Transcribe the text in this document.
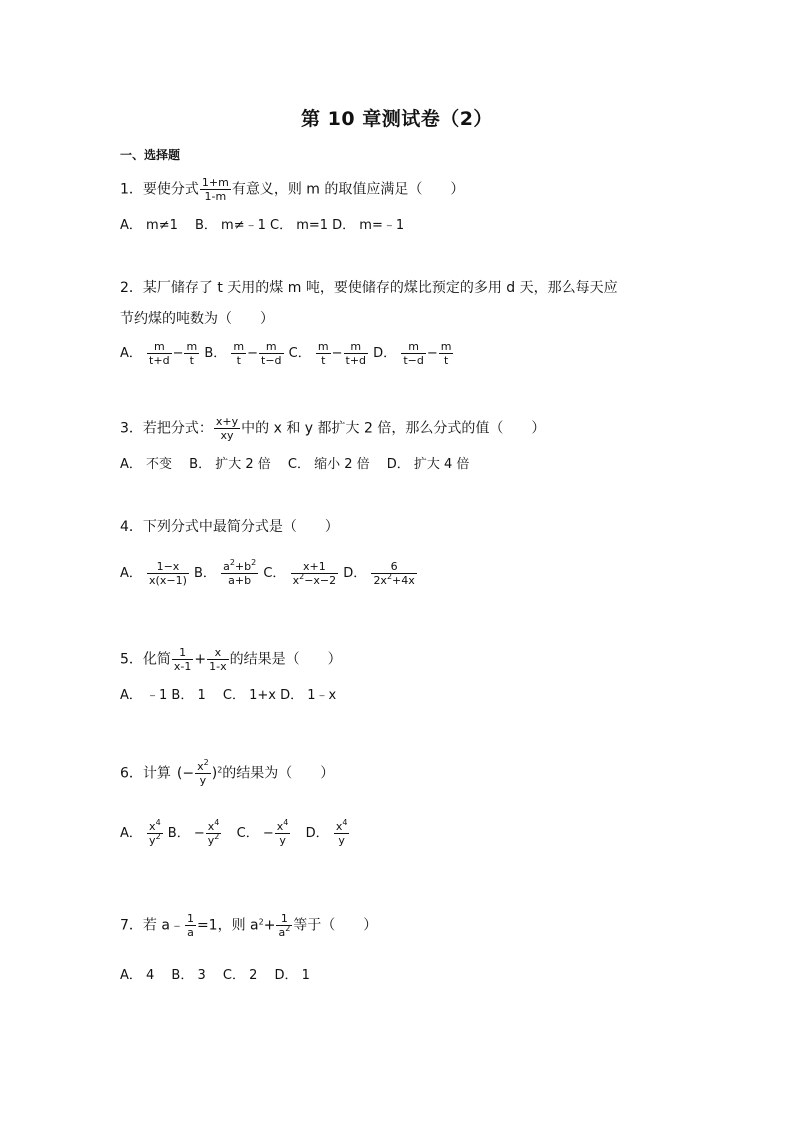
第 10 章测试卷（2）
一、选择题
1．要使分式 $\frac{1+m}{1-m}$ 有意义，则 m 的取值应满足（　　）
A． m≠1　 B． m≠﹣1 C． m=1 D． m=﹣1
2．某厂储存了 t 天用的煤 m 吨，要使储存的煤比预定的多用 d 天，那么每天应
节约煤的吨数为（　　）
A． $\frac{m}{t+d} - \frac{m}{t}$ B． $\frac{m}{t} - \frac{m}{t-d}$ C． $\frac{m}{t} - \frac{m}{t+d}$ D． $\frac{m}{t-d} - \frac{m}{t}$
3．若把分式： $\frac{x+y}{xy}$ 中的 x 和 y 都扩大 2 倍，那么分式的值（　　）
A． 不变　 B． 扩大 2 倍　 C． 缩小 2 倍　 D． 扩大 4 倍
4．下列分式中最简分式是（　　）
A． $\frac{1-x}{x(x-1)}$ B． $\frac{a^2+b^2}{a+b}$ C． $\frac{x+1}{x^2-x-2}$ D． $\frac{6}{2x^2+4x}$
5．化简 $\frac{1}{x-1} + \frac{x}{1-x}$ 的结果是（　　）
A． ﹣1 B． 1　 C． 1+x D． 1﹣x
6．计算 (− $\frac{x^2}{y} )^2$的结果为（　　）
A． $\frac{x^4}{y^2}$ B． − $\frac{x^4}{y^2}$ C． − $\frac{x^4}{y}$ D． $\frac{x^4}{y}$
7．若 a﹣ $\frac{1}{a} =1$，则 $a^2+ \frac{1}{a^2}$ 等于（　　）
A． 4　 B． 3　 C． 2　 D． 1
